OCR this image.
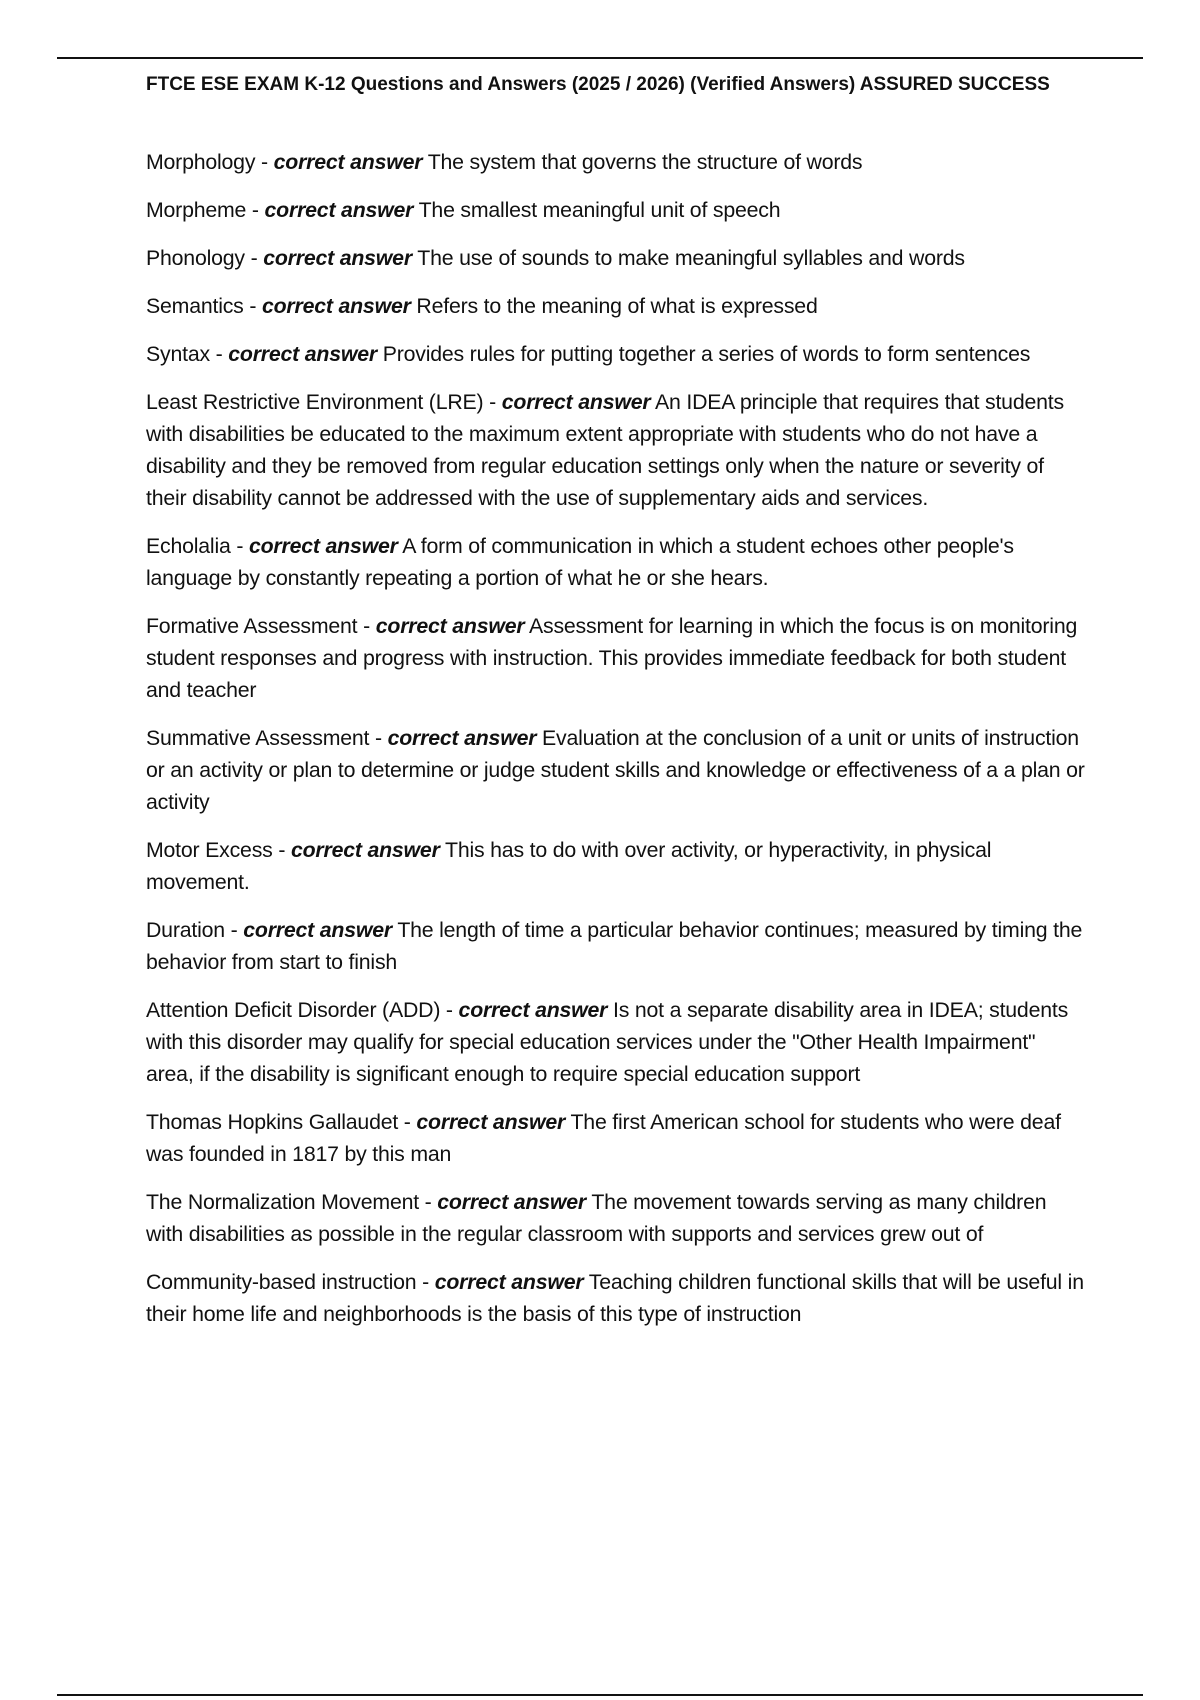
FTCE ESE EXAM K-12 Questions and Answers (2025 / 2026) (Verified Answers) ASSURED SUCCESS

Morphology - correct answer The system that governs the structure of words

Morpheme - correct answer The smallest meaningful unit of speech

Phonology - correct answer The use of sounds to make meaningful syllables and words

Semantics - correct answer Refers to the meaning of what is expressed

Syntax - correct answer Provides rules for putting together a series of words to form sentences

Least Restrictive Environment (LRE) - correct answer An IDEA principle that requires that students with disabilities be educated to the maximum extent appropriate with students who do not have a disability and they be removed from regular education settings only when the nature or severity of their disability cannot be addressed with the use of supplementary aids and services.

Echolalia - correct answer A form of communication in which a student echoes other people's language by constantly repeating a portion of what he or she hears.

Formative Assessment - correct answer Assessment for learning in which the focus is on monitoring student responses and progress with instruction. This provides immediate feedback for both student and teacher

Summative Assessment - correct answer Evaluation at the conclusion of a unit or units of instruction or an activity or plan to determine or judge student skills and knowledge or effectiveness of a a plan or activity

Motor Excess - correct answer This has to do with over activity, or hyperactivity, in physical movement.

Duration - correct answer The length of time a particular behavior continues; measured by timing the behavior from start to finish

Attention Deficit Disorder (ADD) - correct answer Is not a separate disability area in IDEA; students with this disorder may qualify for special education services under the "Other Health Impairment" area, if the disability is significant enough to require special education support

Thomas Hopkins Gallaudet - correct answer The first American school for students who were deaf was founded in 1817 by this man

The Normalization Movement - correct answer The movement towards serving as many children with disabilities as possible in the regular classroom with supports and services grew out of

Community-based instruction - correct answer Teaching children functional skills that will be useful in their home life and neighborhoods is the basis of this type of instruction
